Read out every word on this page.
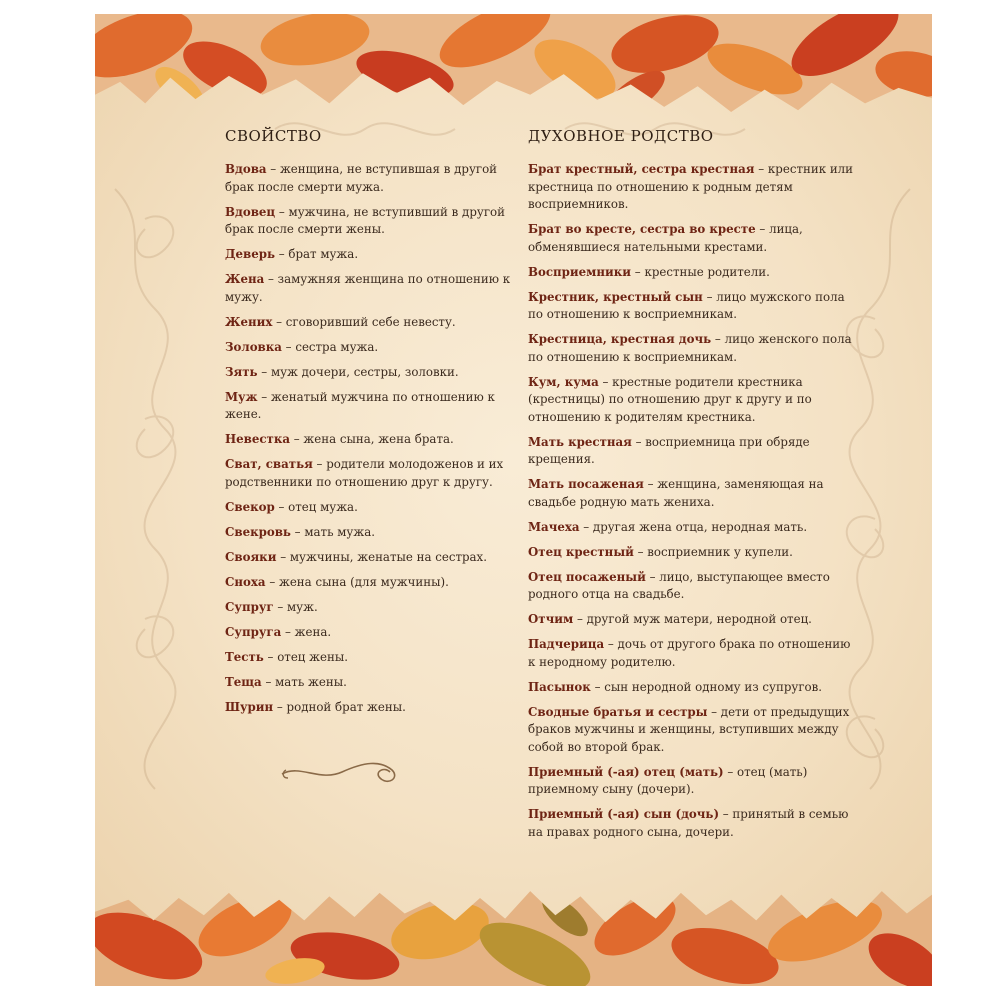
СВОЙСТВО

Вдова – женщина, не вступившая в другой брак после смерти мужа.

Вдовец – мужчина, не вступивший в другой брак после смерти жены.

Деверь – брат мужа.

Жена – замужняя женщина по отношению к мужу.

Жених – сговоривший себе невесту.

Золовка – сестра мужа.

Зять – муж дочери, сестры, золовки.

Муж – женатый мужчина по отношению к жене.

Невестка – жена сына, жена брата.

Сват, сватья – родители молодоженов и их родственники по отношению друг к другу.

Свекор – отец мужа.

Свекровь – мать мужа.

Свояки – мужчины, женатые на сестрах.

Сноха – жена сына (для мужчины).

Супруг – муж.

Супруга – жена.

Тесть – отец жены.

Теща – мать жены.

Шурин – родной брат жены.

ДУХОВНОЕ РОДСТВО

Брат крестный, сестра крестная – крестник или крестница по отношению к родным детям восприемников.

Брат во кресте, сестра во кресте – лица, обменявшиеся нательными крестами.

Восприемники – крестные родители.

Крестник, крестный сын – лицо мужского пола по отношению к восприемникам.

Крестница, крестная дочь – лицо женского пола по отношению к восприемникам.

Кум, кума – крестные родители крестника (крестницы) по отношению друг к другу и по отношению к родителям крестника.

Мать крестная – восприемница при обряде крещения.

Мать посаженая – женщина, заменяющая на свадьбе родную мать жениха.

Мачеха – другая жена отца, неродная мать.

Отец крестный – восприемник у купели.

Отец посаженый – лицо, выступающее вместо родного отца на свадьбе.

Отчим – другой муж матери, неродной отец.

Падчерица – дочь от другого брака по отношению к неродному родителю.

Пасынок – сын неродной одному из супругов.

Сводные братья и сестры – дети от предыдущих браков мужчины и женщины, вступивших между собой во второй брак.

Приемный (-ая) отец (мать) – отец (мать) приемному сыну (дочери).

Приемный (-ая) сын (дочь) – принятый в семью на правах родного сына, дочери.
